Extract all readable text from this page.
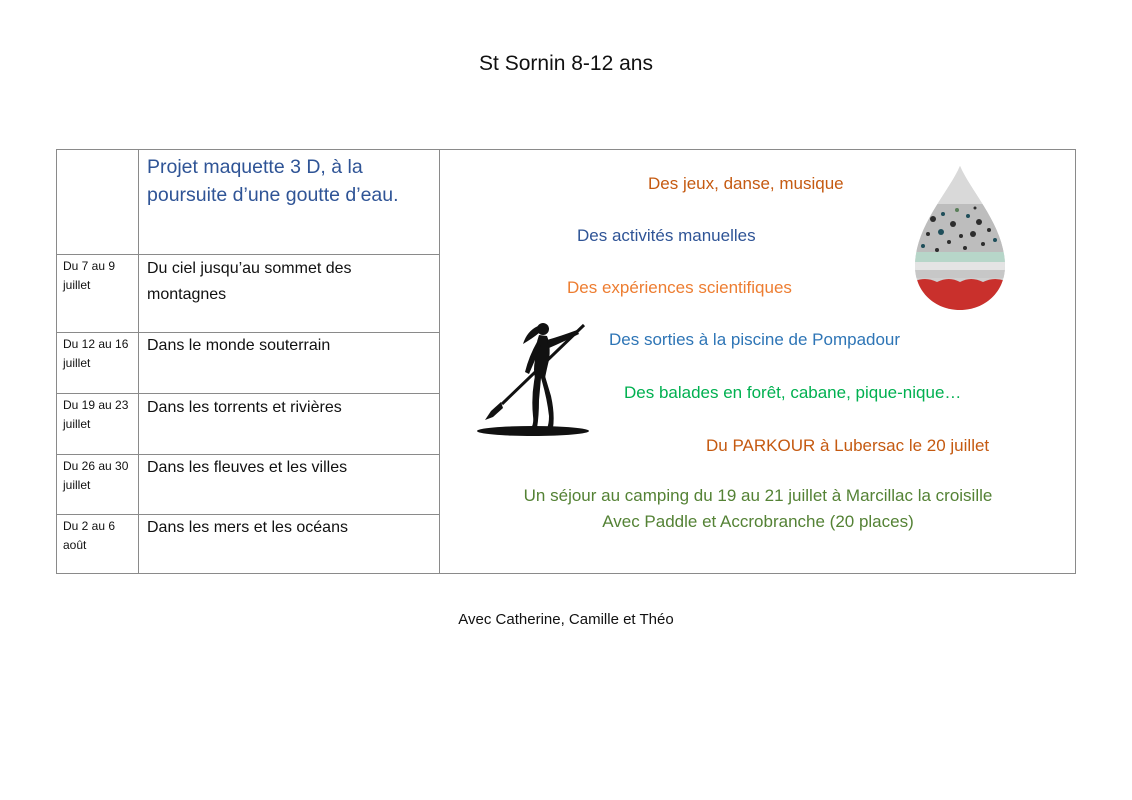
St Sornin 8-12 ans
Projet maquette 3 D, à la poursuite d’une goutte d’eau.
Du 7 au 9 juillet
Du ciel jusqu’au sommet des montagnes
Du 12 au 16 juillet
Dans le monde souterrain
Du 19 au 23 juillet
Dans les torrents et rivières
Du 26 au 30 juillet
Dans les fleuves et les villes
Du 2 au 6 août
Dans les mers et les océans
Des jeux, danse, musique
Des activités manuelles
Des expériences scientifiques
Des sorties à la piscine de Pompadour
Des balades en forêt, cabane, pique-nique…
Du PARKOUR à Lubersac le 20 juillet
Un séjour au camping du 19 au 21 juillet à Marcillac la croisille
Avec Paddle et Accrobranche (20 places)
Avec Catherine, Camille et Théo
